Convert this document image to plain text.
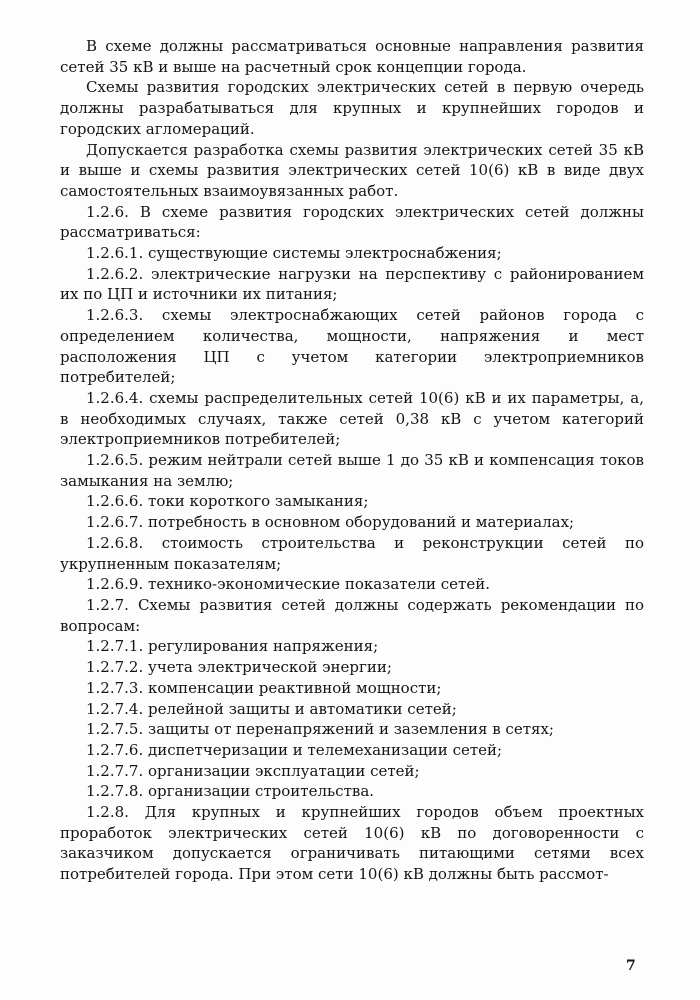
В схеме должны рассматриваться основные направления развития сетей 35 кВ и выше на расчетный срок концепции города.

Схемы развития городских электрических сетей в первую очередь должны разрабатываться для крупных и крупнейших городов и городских агломераций.

Допускается разработка схемы развития электрических сетей 35 кВ и выше и схемы развития электрических сетей 10(6) кВ в виде двух самостоятельных взаимоувязанных работ.

1.2.6. В схеме развития городских электрических сетей должны рассматриваться:

1.2.6.1. существующие системы электроснабжения;

1.2.6.2. электрические нагрузки на перспективу с районированием их по ЦП и источники их питания;

1.2.6.3. схемы электроснабжающих сетей районов города с определением количества, мощности, напряжения и мест расположения ЦП с учетом категории электроприемников потребителей;

1.2.6.4. схемы распределительных сетей 10(6) кВ и их параметры, а, в необходимых случаях, также сетей 0,38 кВ с учетом категорий электроприемников потребителей;

1.2.6.5. режим нейтрали сетей выше 1 до 35 кВ и компенсация токов замыкания на землю;

1.2.6.6. токи короткого замыкания;

1.2.6.7. потребность в основном оборудований и материалах;

1.2.6.8. стоимость строительства и реконструкции сетей по укрупненным показателям;

1.2.6.9. технико-экономические показатели сетей.

1.2.7. Схемы развития сетей должны содержать рекомендации по вопросам:

1.2.7.1. регулирования напряжения;

1.2.7.2. учета электрической энергии;

1.2.7.3. компенсации реактивной мощности;

1.2.7.4. релейной защиты и автоматики сетей;

1.2.7.5. защиты от перенапряжений и заземления в сетях;

1.2.7.6. диспетчеризации и телемеханизации сетей;

1.2.7.7. организации эксплуатации сетей;

1.2.7.8. организации строительства.

1.2.8. Для крупных и крупнейших городов объем проектных проработок электрических сетей 10(6) кВ по договоренности с заказчиком допускается ограничивать питающими сетями всех потребителей города. При этом сети 10(6) кВ должны быть рассмот-

7
